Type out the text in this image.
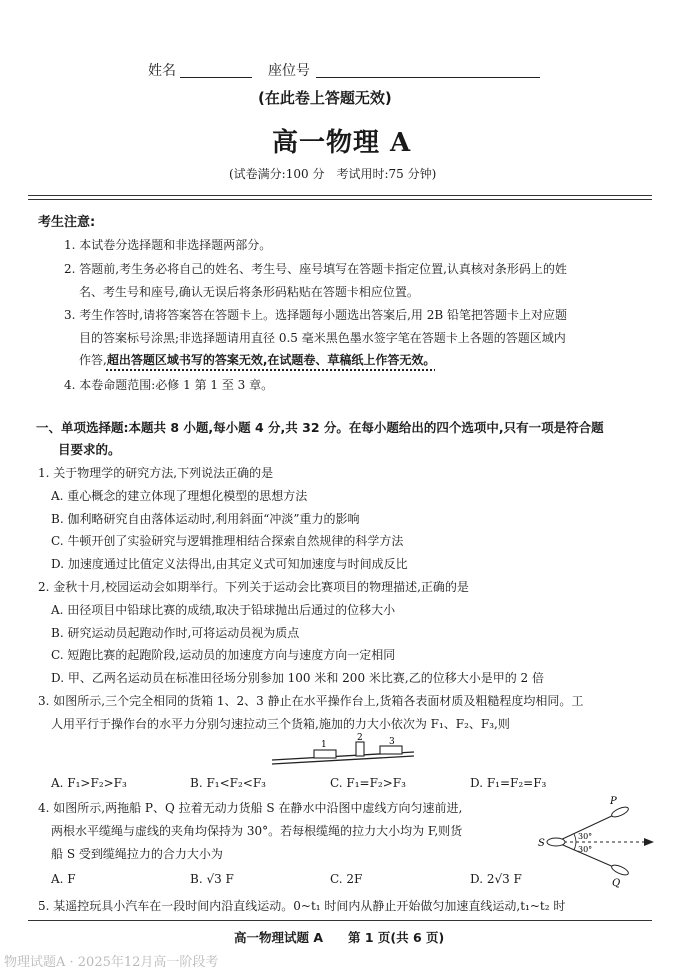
姓名	座位号
(在此卷上答题无效)
高一物理 A
(试卷满分:100 分　考试用时:75 分钟)
考生注意:
1. 本试卷分选择题和非选择题两部分。
2. 答题前,考生务必将自己的姓名、考生号、座号填写在答题卡指定位置,认真核对条形码上的姓
名、考生号和座号,确认无误后将条形码粘贴在答题卡相应位置。
3. 考生作答时,请将答案答在答题卡上。选择题每小题选出答案后,用 2B 铅笔把答题卡上对应题
目的答案标号涂黑;非选择题请用直径 0.5 毫米黑色墨水签字笔在答题卡上各题的答题区域内
作答,超出答题区域书写的答案无效,在试题卷、草稿纸上作答无效。
4. 本卷命题范围:必修 1 第 1 至 3 章。
一、单项选择题:本题共 8 小题,每小题 4 分,共 32 分。在每小题给出的四个选项中,只有一项是符合题
目要求的。
1. 关于物理学的研究方法,下列说法正确的是
A. 重心概念的建立体现了理想化模型的思想方法
B. 伽利略研究自由落体运动时,利用斜面“冲淡”重力的影响
C. 牛顿开创了实验研究与逻辑推理相结合探索自然规律的科学方法
D. 加速度通过比值定义法得出,由其定义式可知加速度与时间成反比
2. 金秋十月,校园运动会如期举行。下列关于运动会比赛项目的物理描述,正确的是
A. 田径项目中铅球比赛的成绩,取决于铅球抛出后通过的位移大小
B. 研究运动员起跑动作时,可将运动员视为质点
C. 短跑比赛的起跑阶段,运动员的加速度方向与速度方向一定相同
D. 甲、乙两名运动员在标准田径场分别参加 100 米和 200 米比赛,乙的位移大小是甲的 2 倍
3. 如图所示,三个完全相同的货箱 1、2、3 静止在水平操作台上,货箱各表面材质及粗糙程度均相同。工
人用平行于操作台的水平力分别匀速拉动三个货箱,施加的力大小依次为 F₁、F₂、F₃,则
1
2	3
A. F₁>F₂>F₃	B. F₁<F₂<F₃	C. F₁=F₂>F₃	D. F₁=F₂=F₃
4. 如图所示,两拖船 P、Q 拉着无动力货船 S 在静水中沿图中虚线方向匀速前进,
两根水平缆绳与虚线的夹角均保持为 30°。若每根缆绳的拉力大小均为 F,则货
船 S 受到缆绳拉力的合力大小为
P
Q
S
30°
30°
A. F	B. √3 F	C. 2F	D. 2√3 F
5. 某遥控玩具小汽车在一段时间内沿直线运动。0~t₁ 时间内从静止开始做匀加速直线运动,t₁~t₂ 时
高一物理试题 A　　第 1 页(共 6 页)
物理试题A · 2025年12月高一阶段考
